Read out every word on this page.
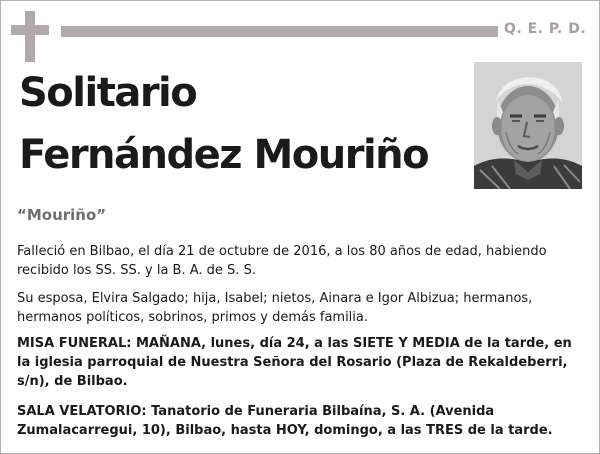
Q. E. P. D.
Solitario
Fernández Mouriño
“Mouriño”
Falleció en Bilbao, el día 21 de octubre de 2016, a los 80 años de edad, habiendo recibido los SS. SS. y la B. A. de S. S.
Su esposa, Elvira Salgado; hija, Isabel; nietos, Ainara e Igor Albizua; hermanos, hermanos políticos, sobrinos, primos y demás familia.
MISA FUNERAL: MAÑANA, lunes, día 24, a las SIETE Y MEDIA de la tarde, en la iglesia parroquial de Nuestra Señora del Rosario (Plaza de Rekaldeberri, s/n), de Bilbao.
SALA VELATORIO: Tanatorio de Funeraria Bilbaína, S. A. (Avenida Zumalacarregui, 10), Bilbao, hasta HOY, domingo, a las TRES de la tarde.
